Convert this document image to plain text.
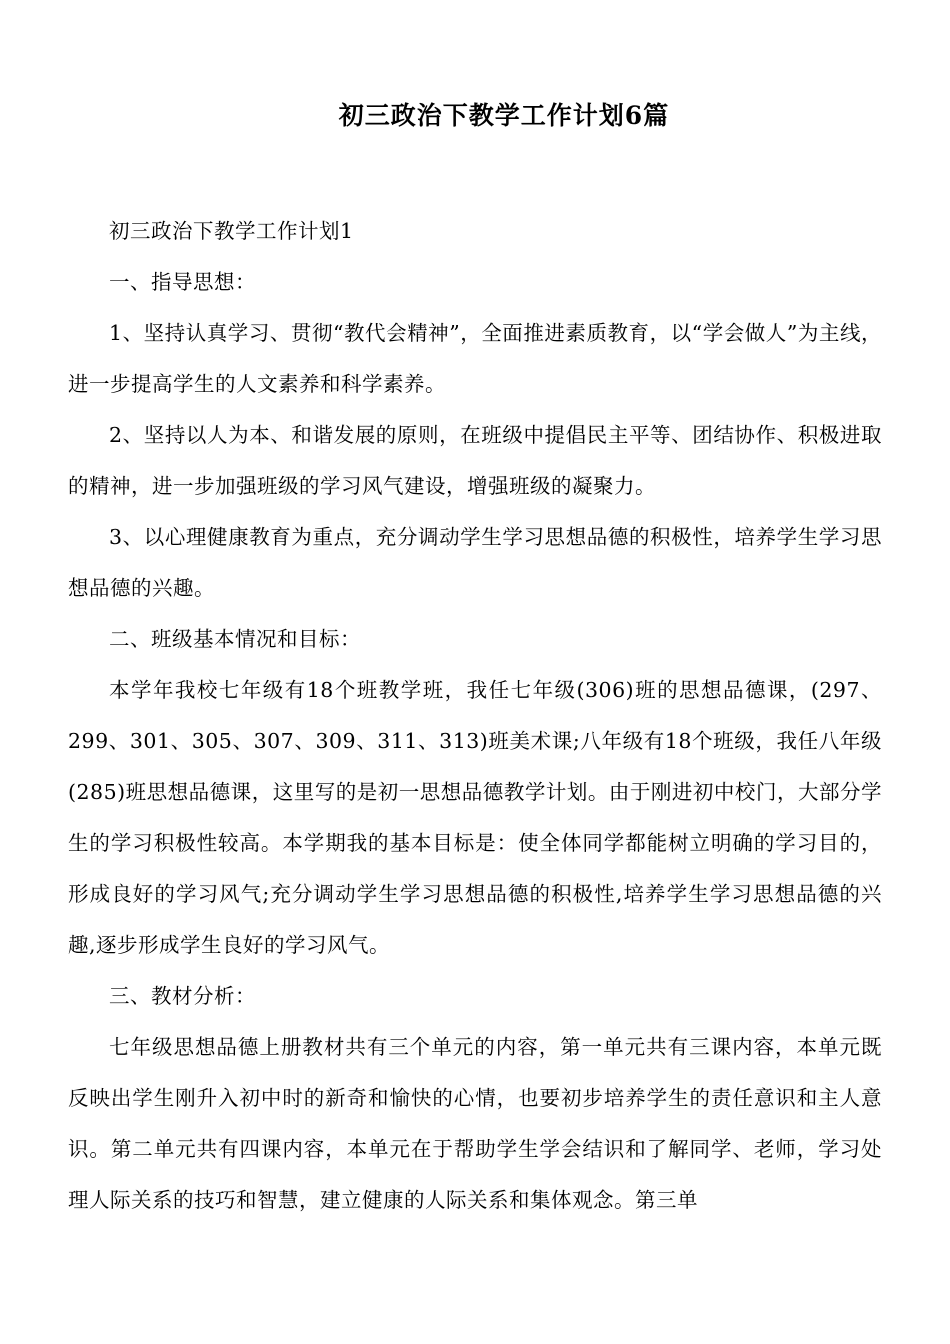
初三政治下教学工作计划6篇

初三政治下教学工作计划1

一、指导思想：

1、坚持认真学习、贯彻“教代会精神”，全面推进素质教育，以“学会做人”为主线，进一步提高学生的人文素养和科学素养。

2、坚持以人为本、和谐发展的原则，在班级中提倡民主平等、团结协作、积极进取的精神，进一步加强班级的学习风气建设，增强班级的凝聚力。

3、以心理健康教育为重点，充分调动学生学习思想品德的积极性，培养学生学习思想品德的兴趣。

二、班级基本情况和目标：

本学年我校七年级有18个班教学班，我任七年级(306)班的思想品德课，(297、299、301、305、307、309、311、313)班美术课;八年级有18个班级，我任八年级(285)班思想品德课，这里写的是初一思想品德教学计划。由于刚进初中校门，大部分学生的学习积极性较高。本学期我的基本目标是：使全体同学都能树立明确的学习目的，形成良好的学习风气;充分调动学生学习思想品德的积极性,培养学生学习思想品德的兴趣,逐步形成学生良好的学习风气。

三、教材分析：

七年级思想品德上册教材共有三个单元的内容，第一单元共有三课内容，本单元既反映出学生刚升入初中时的新奇和愉快的心情，也要初步培养学生的责任意识和主人意识。第二单元共有四课内容，本单元在于帮助学生学会结识和了解同学、老师，学习处理人际关系的技巧和智慧，建立健康的人际关系和集体观念。第三单
